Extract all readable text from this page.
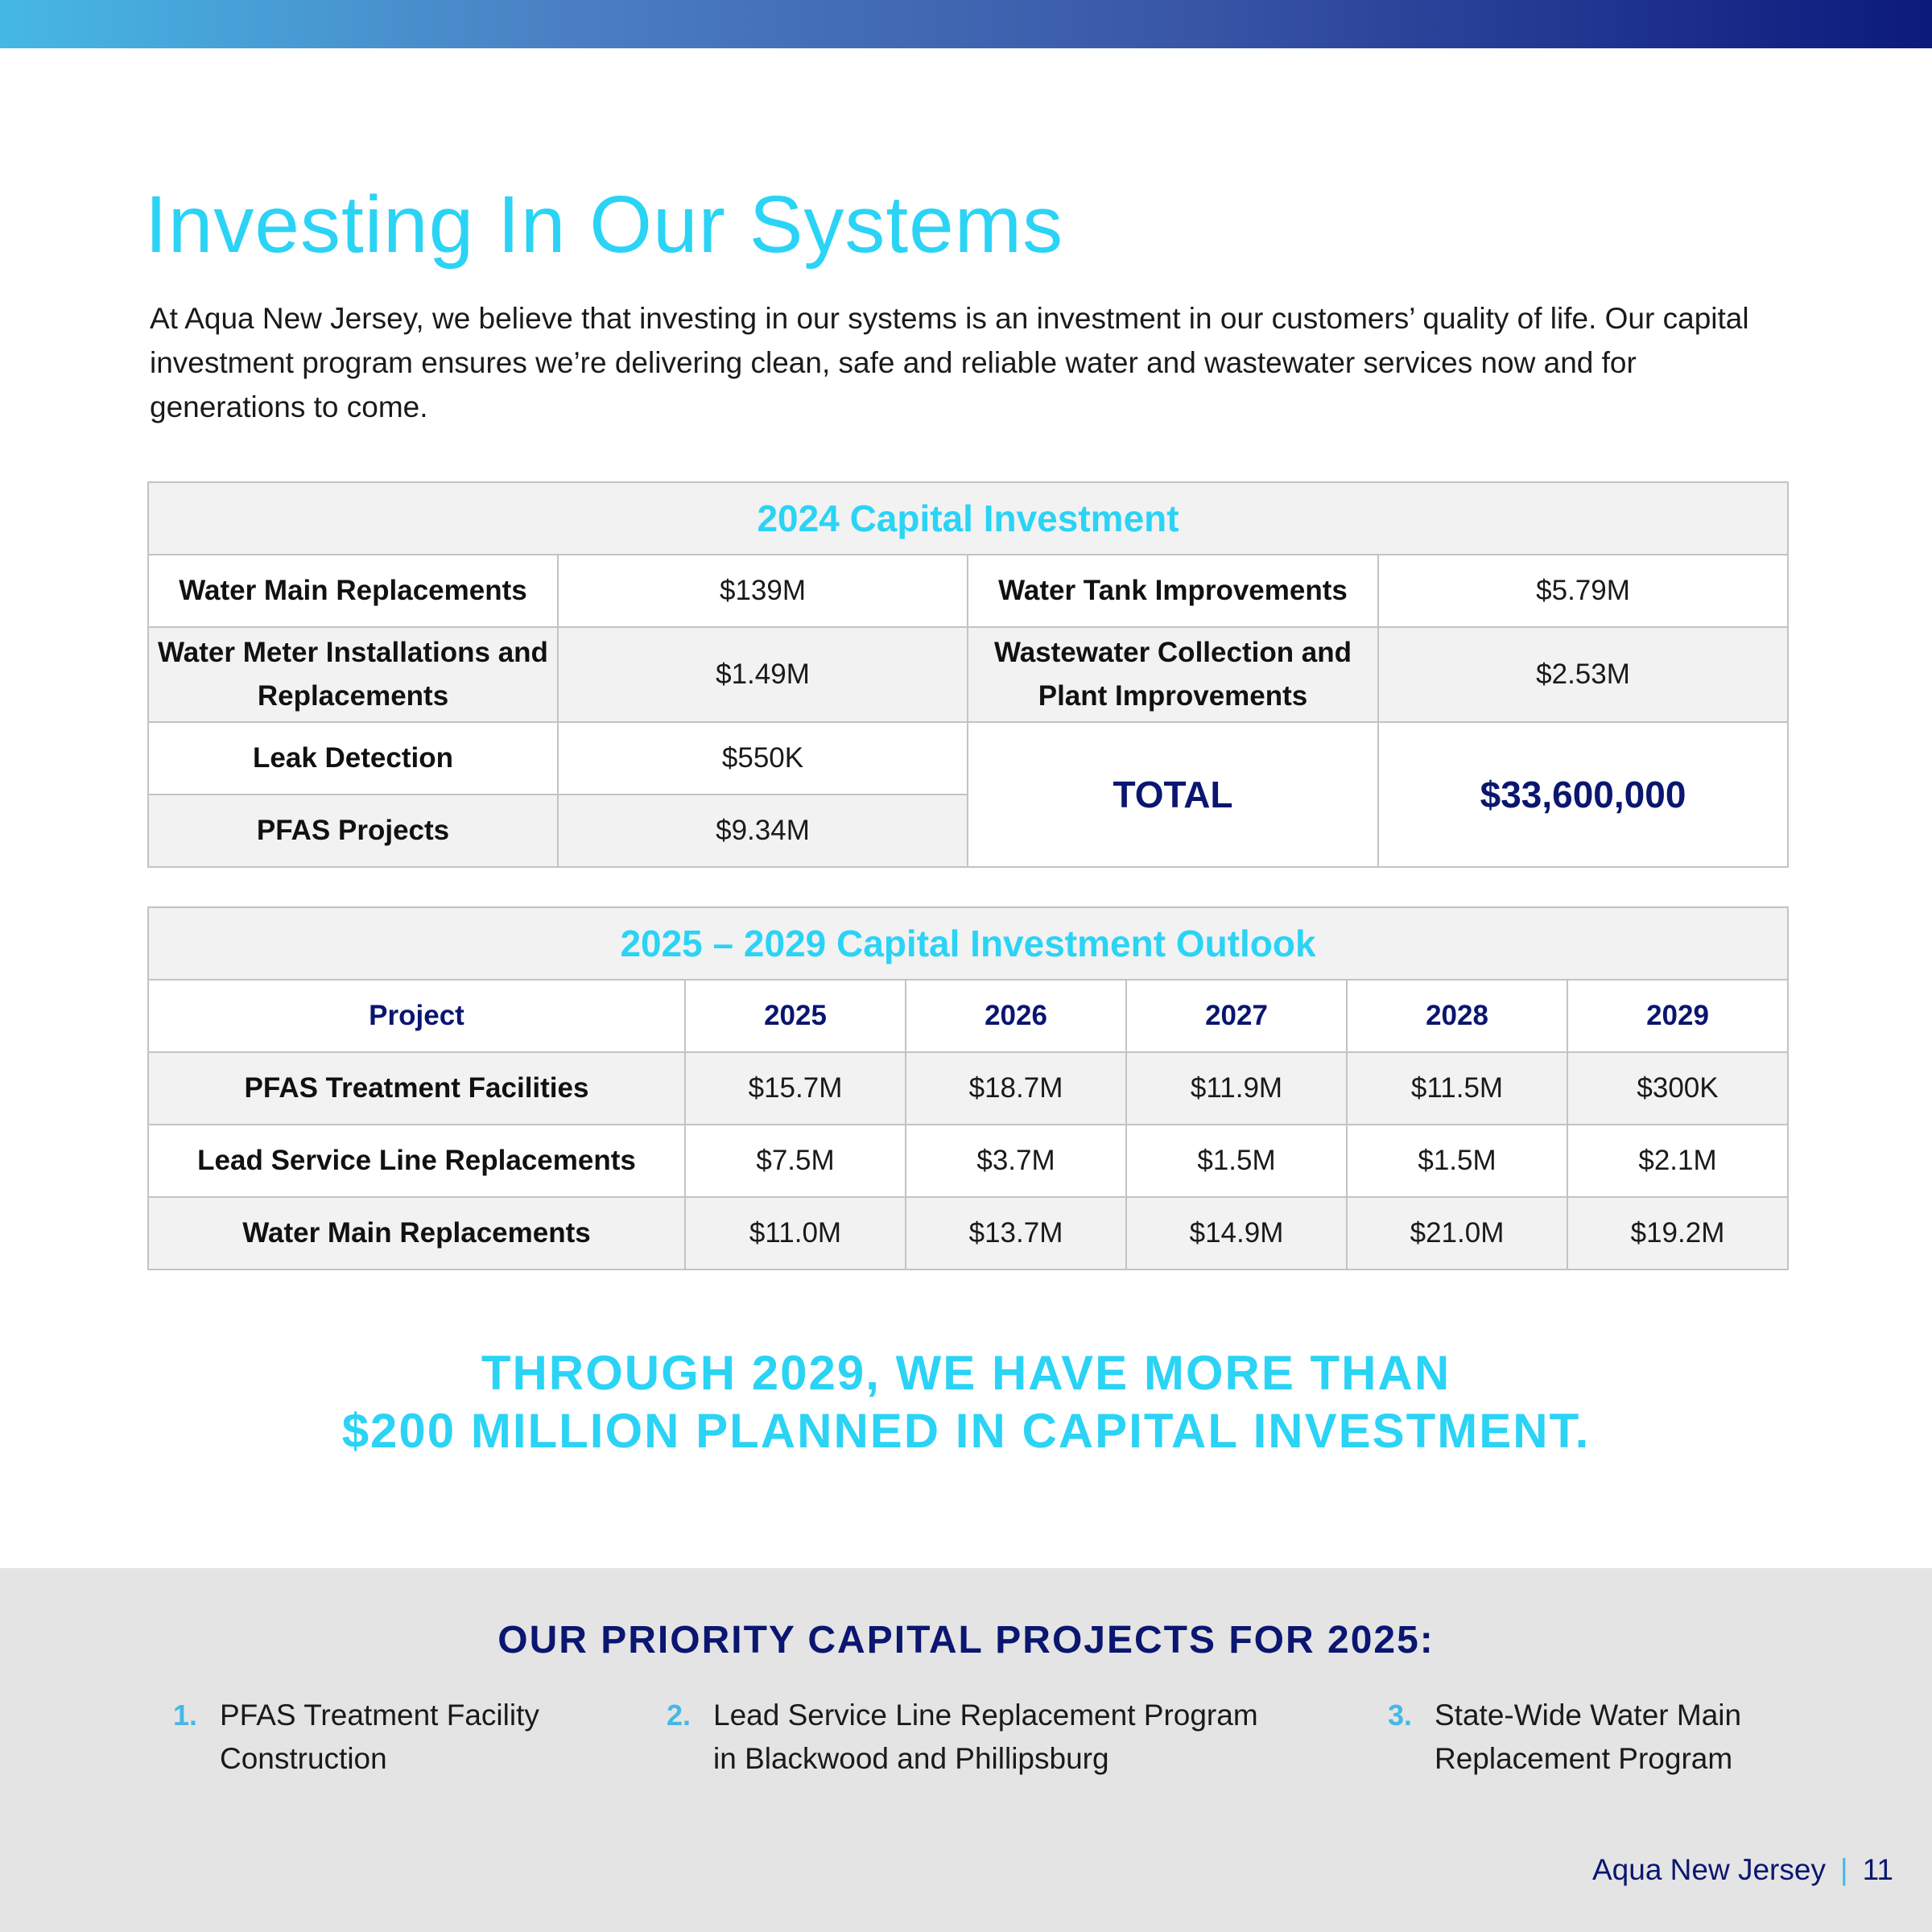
Investing In Our Systems

At Aqua New Jersey, we believe that investing in our systems is an investment in our customers’ quality of life. Our capital investment program ensures we’re delivering clean, safe and reliable water and wastewater services now and for generations to come.

2024 Capital Investment			
Water Main Replacements	$139M	Water Tank Improvements	$5.79M
Water Meter Installations and Replacements	$1.49M	Wastewater Collection and Plant Improvements	$2.53M
Leak Detection	$550K	TOTAL	$33,600,000
PFAS Projects	$9.34M		
2025 – 2029 Capital Investment Outlook					
Project	2025	2026	2027	2028	2029
PFAS Treatment Facilities	$15.7M	$18.7M	$11.9M	$11.5M	$300K
Lead Service Line Replacements	$7.5M	$3.7M	$1.5M	$1.5M	$2.1M
Water Main Replacements	$11.0M	$13.7M	$14.9M	$21.0M	$19.2M

THROUGH 2029, WE HAVE MORE THAN
$200 MILLION PLANNED IN CAPITAL INVESTMENT.

OUR PRIORITY CAPITAL PROJECTS FOR 2025:
1. PFAS Treatment Facility
Construction
2. Lead Service Line Replacement Program
in Blackwood and Phillipsburg
3. State-Wide Water Main
Replacement Program
Aqua New Jersey | 11
